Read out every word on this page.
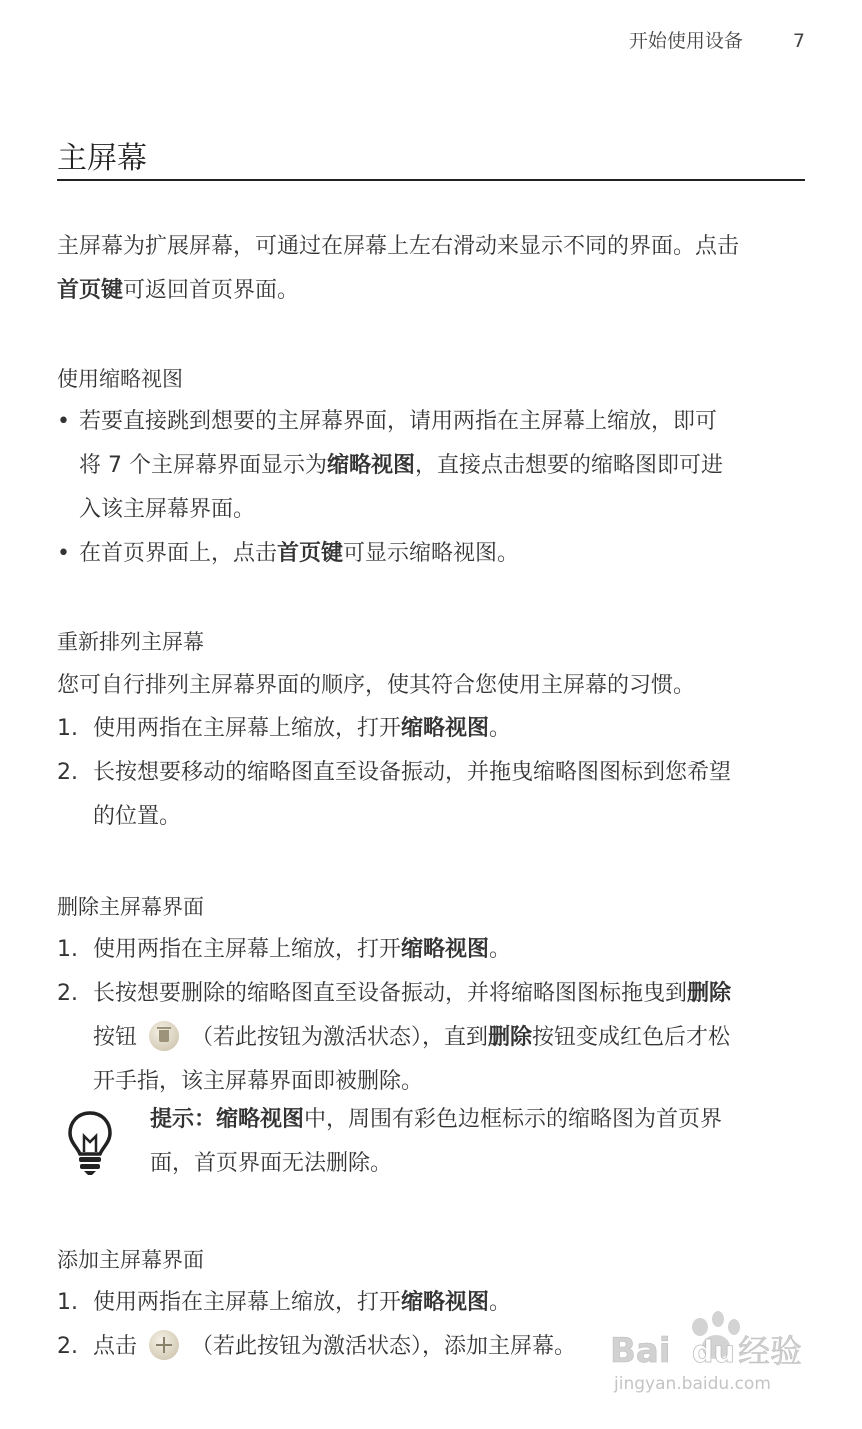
开始使用设备	7
主屏幕
主屏幕为扩展屏幕，可通过在屏幕上左右滑动来显示不同的界面。点击
首页键可返回首页界面。
使用缩略视图
• 若要直接跳到想要的主屏幕界面，请用两指在主屏幕上缩放，即可
将 7 个主屏幕界面显示为缩略视图，直接点击想要的缩略图即可进
入该主屏幕界面。
• 在首页界面上，点击首页键可显示缩略视图。
重新排列主屏幕
您可自行排列主屏幕界面的顺序，使其符合您使用主屏幕的习惯。
1. 使用两指在主屏幕上缩放，打开缩略视图。
2. 长按想要移动的缩略图直至设备振动，并拖曳缩略图图标到您希望
的位置。
删除主屏幕界面
1. 使用两指在主屏幕上缩放，打开缩略视图。
2. 长按想要删除的缩略图直至设备振动，并将缩略图图标拖曳到删除
按钮 （若此按钮为激活状态），直到删除按钮变成红色后才松
开手指，该主屏幕界面即被删除。
提示：缩略视图中，周围有彩色边框标示的缩略图为首页界
面，首页界面无法删除。
添加主屏幕界面
1. 使用两指在主屏幕上缩放，打开缩略视图。
2. 点击 （若此按钮为激活状态），添加主屏幕。 Bai du 经验
jingyan.baidu.com
